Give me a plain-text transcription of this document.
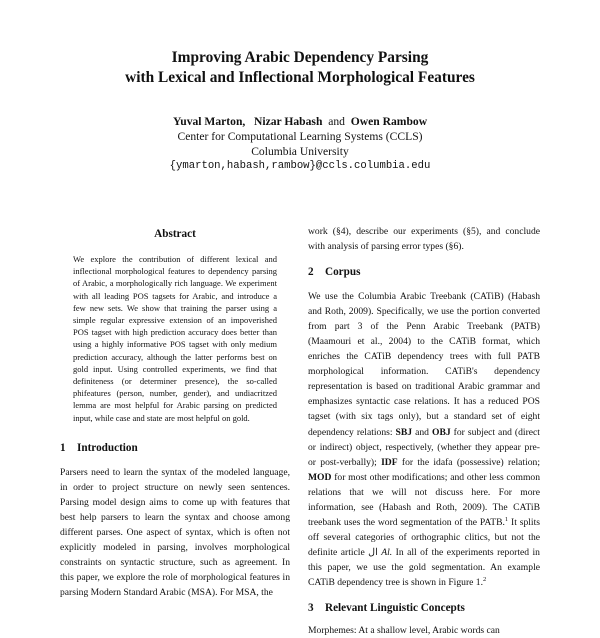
Improving Arabic Dependency Parsing
with Lexical and Inflectional Morphological Features
Yuval Marton, Nizar Habash and Owen Rambow
Center for Computational Learning Systems (CCLS)
Columbia University
{ymarton,habash,rambow}@ccls.columbia.edu
Abstract

We explore the contribution of different lexical and inflectional morphological features to dependency parsing of Arabic, a morphologically rich language. We experiment with all leading POS tagsets for Arabic, and introduce a few new sets. We show that training the parser using a simple regular expressive extension of an impoverished POS tagset with high prediction accuracy does better than using a highly informative POS tagset with only medium prediction accuracy, although the latter performs best on gold input. Using controlled experiments, we find that definiteness (or determiner presence), the so-called phifeatures (person, number, gender), and undiacritzed lemma are most helpful for Arabic parsing on predicted input, while case and state are most helpful on gold.

1 Introduction

Parsers need to learn the syntax of the modeled language, in order to project structure on newly seen sentences. Parsing model design aims to come up with features that best help parsers to learn the syntax and choose among different parses. One aspect of syntax, which is often not explicitly modeled in parsing, involves morphological constraints on syntactic structure, such as agreement. In this paper, we explore the role of morphological features in parsing Modern Standard Arabic (MSA). For MSA, the

work (§4), describe our experiments (§5), and conclude with analysis of parsing error types (§6).

2 Corpus

We use the Columbia Arabic Treebank (CATiB) (Habash and Roth, 2009). Specifically, we use the portion converted from part 3 of the Penn Arabic Treebank (PATB) (Maamouri et al., 2004) to the CATiB format, which enriches the CATiB dependency trees with full PATB morphological information. CATiB's dependency representation is based on traditional Arabic grammar and emphasizes syntactic case relations. It has a reduced POS tagset (with six tags only), but a standard set of eight dependency relations: SBJ and OBJ for subject and (direct or indirect) object, respectively, (whether they appear pre- or post-verbally); IDF for the idafa (possessive) relation; MOD for most other modifications; and other less common relations that we will not discuss here. For more information, see (Habash and Roth, 2009). The CATiB treebank uses the word segmentation of the PATB.$^1$ It splits off several categories of orthographic clitics, but not the definite article ال Al. In all of the experiments reported in this paper, we use the gold segmentation. An example CATiB dependency tree is shown in Figure 1.$^2$

3 Relevant Linguistic Concepts

Morphemes: At a shallow level, Arabic words can
